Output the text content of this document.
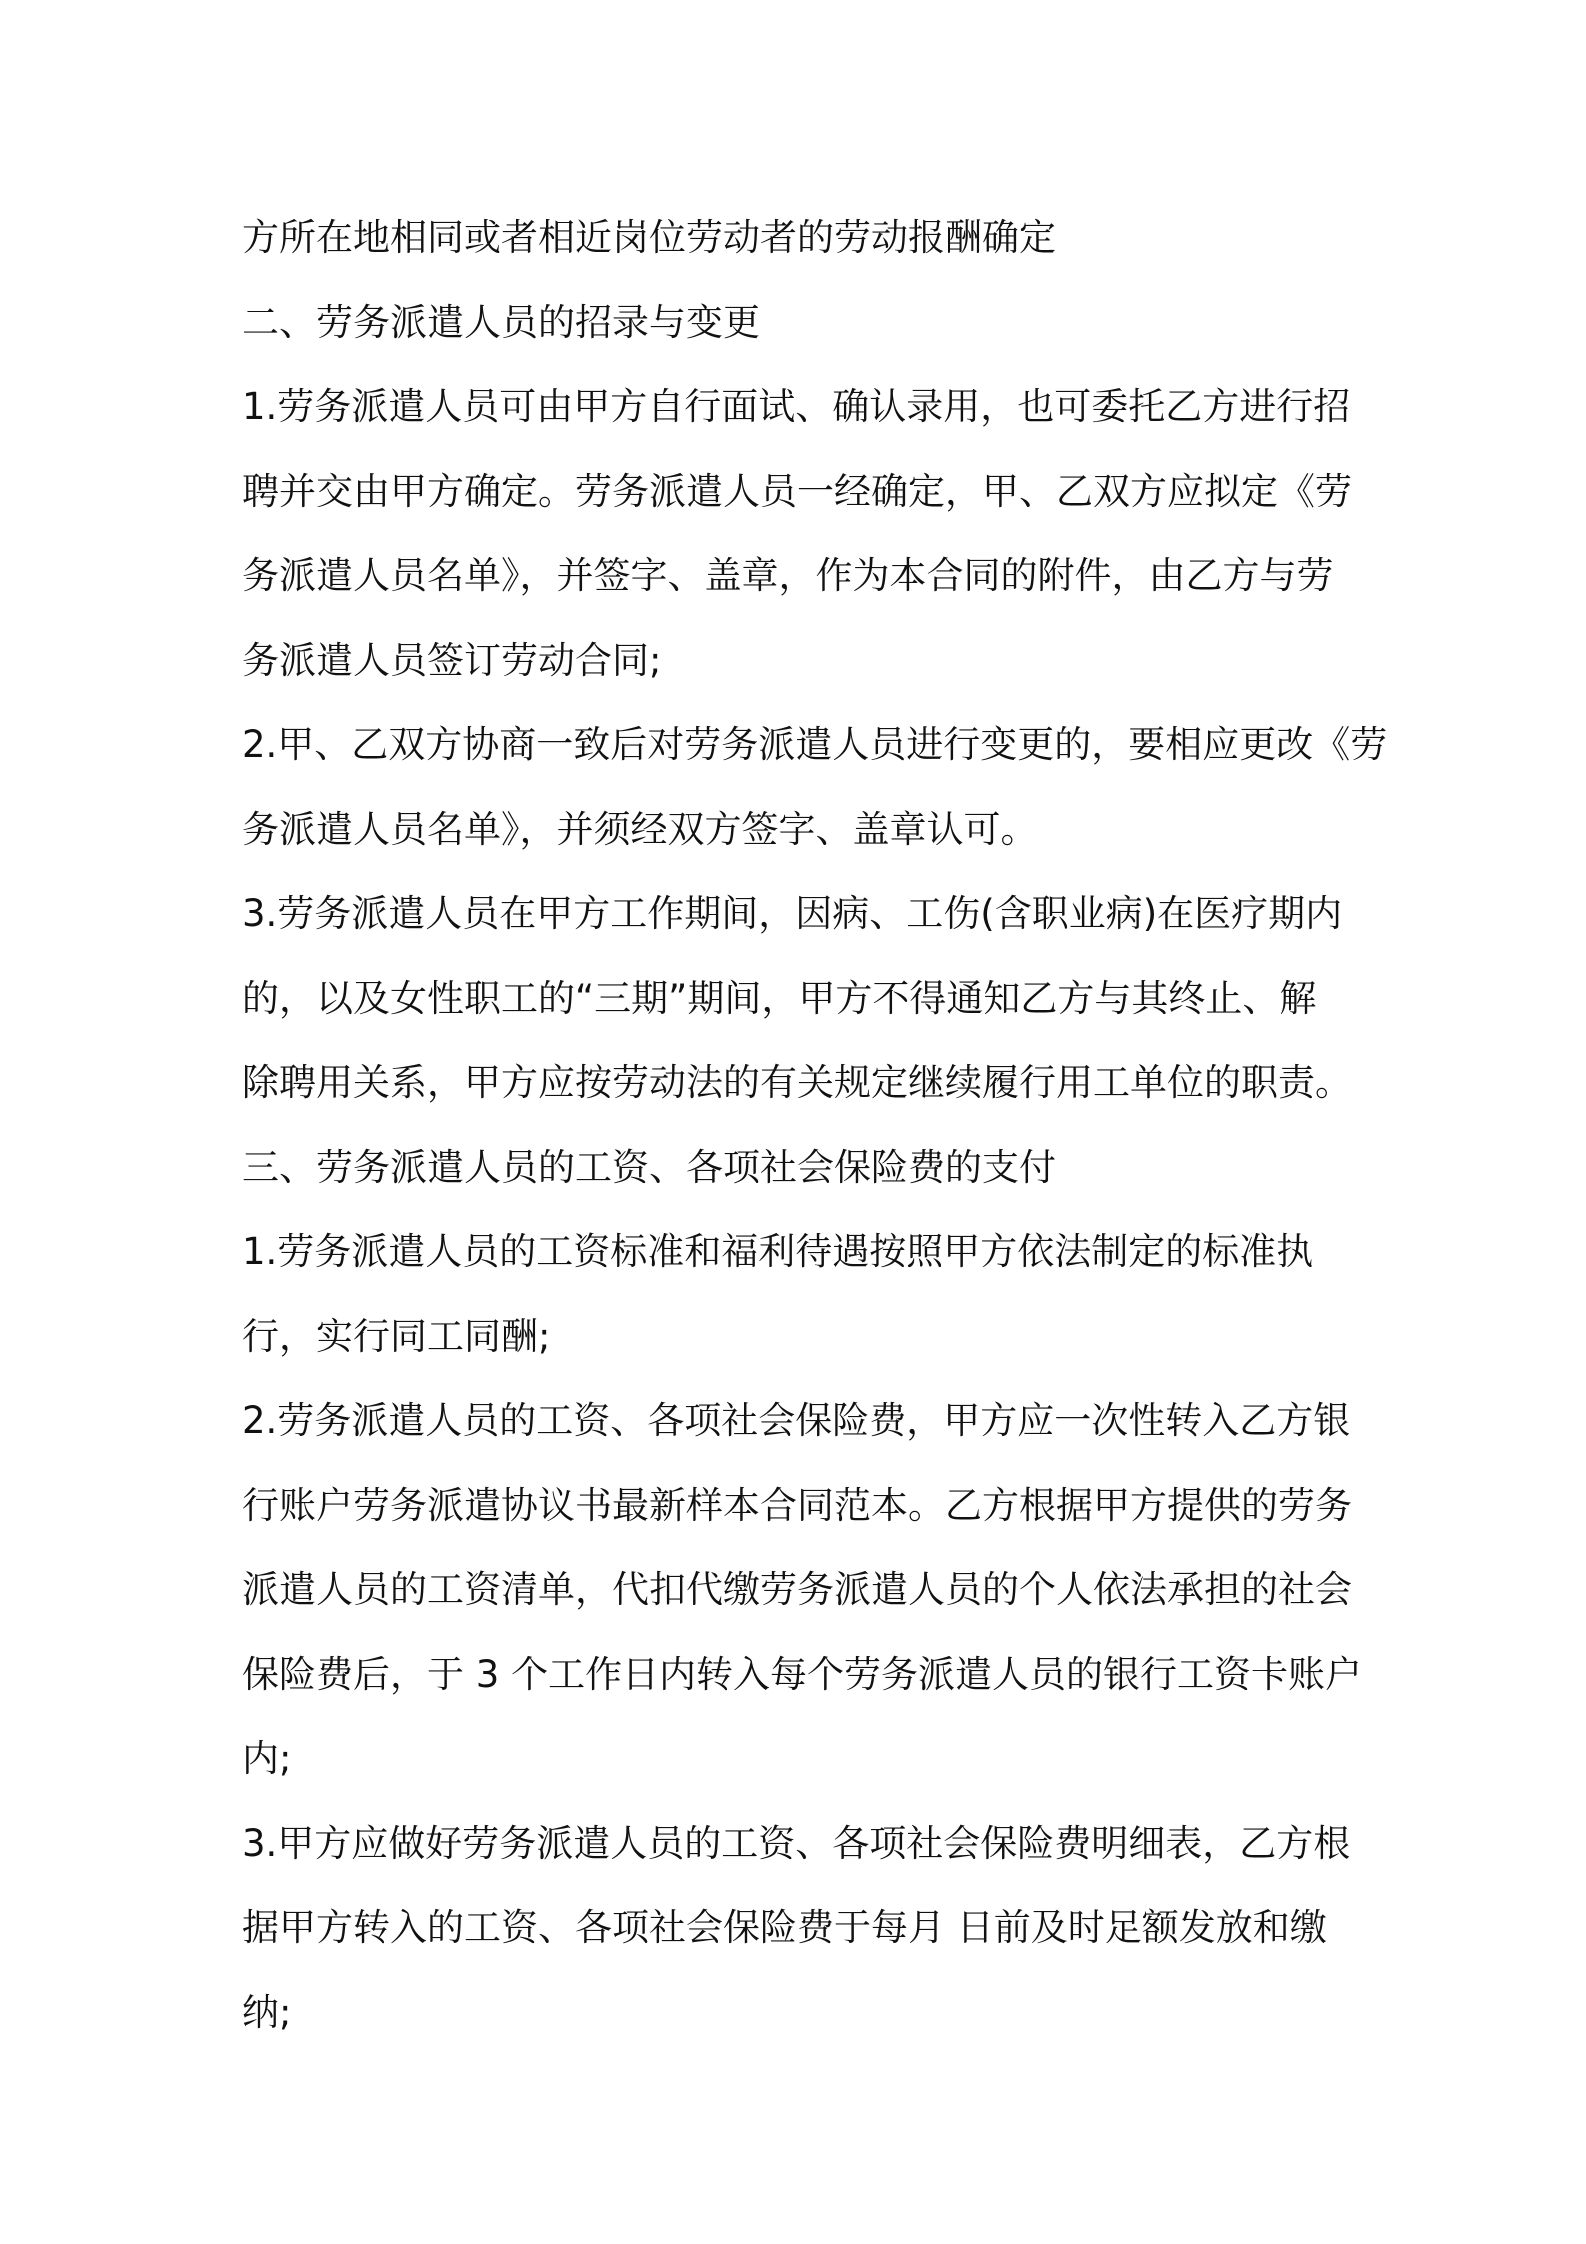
方所在地相同或者相近岗位劳动者的劳动报酬确定
二、劳务派遣人员的招录与变更
1.劳务派遣人员可由甲方自行面试、确认录用，也可委托乙方进行招
聘并交由甲方确定。劳务派遣人员一经确定，甲、乙双方应拟定《劳
务派遣人员名单》，并签字、盖章，作为本合同的附件，由乙方与劳
务派遣人员签订劳动合同;
2.甲、乙双方协商一致后对劳务派遣人员进行变更的，要相应更改《劳
务派遣人员名单》，并须经双方签字、盖章认可。
3.劳务派遣人员在甲方工作期间，因病、工伤(含职业病)在医疗期内
的，以及女性职工的“三期”期间，甲方不得通知乙方与其终止、解
除聘用关系，甲方应按劳动法的有关规定继续履行用工单位的职责。
三、劳务派遣人员的工资、各项社会保险费的支付
1.劳务派遣人员的工资标准和福利待遇按照甲方依法制定的标准执
行，实行同工同酬;
2.劳务派遣人员的工资、各项社会保险费，甲方应一次性转入乙方银
行账户劳务派遣协议书最新样本合同范本。乙方根据甲方提供的劳务
派遣人员的工资清单，代扣代缴劳务派遣人员的个人依法承担的社会
保险费后，于 3 个工作日内转入每个劳务派遣人员的银行工资卡账户
内;
3.甲方应做好劳务派遣人员的工资、各项社会保险费明细表，乙方根
据甲方转入的工资、各项社会保险费于每月 日前及时足额发放和缴
纳;
